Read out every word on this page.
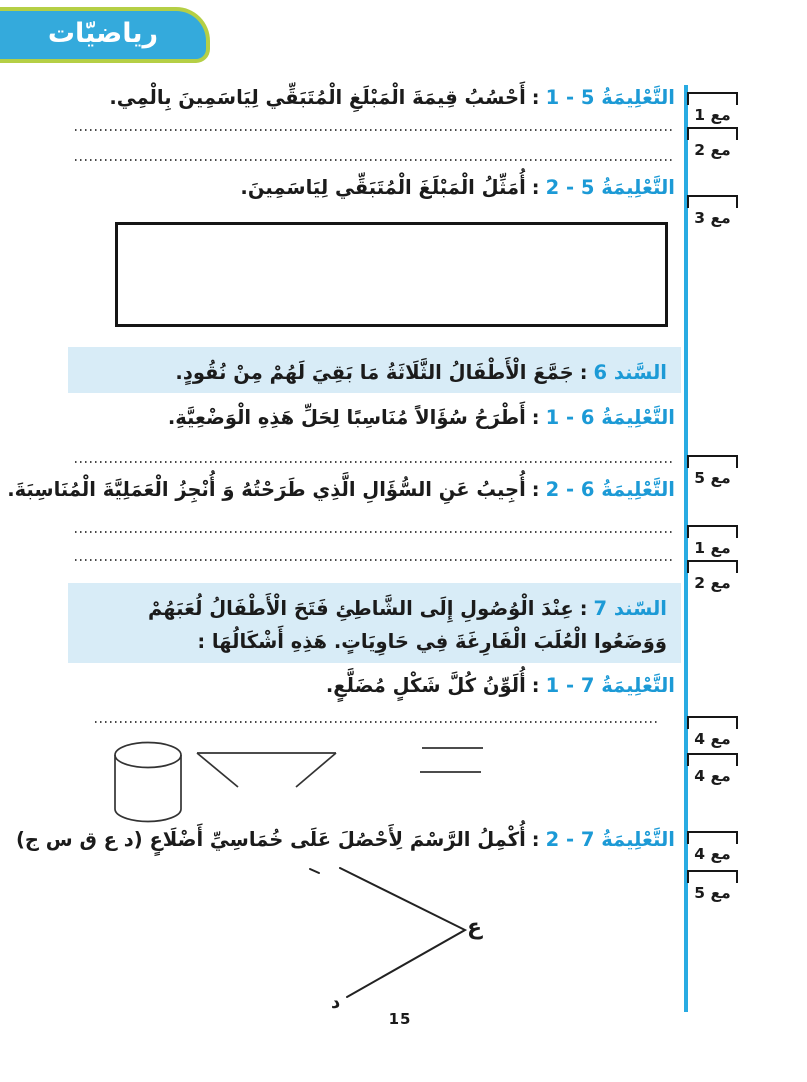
رياضيّات
التَّعْلِيمَةُ 5 - 1:أَحْسُبُ قِيمَةَ الْمَبْلَغِ الْمُتَبَقِّي لِيَاسَمِينَ بِالْمِي.
التَّعْلِيمَةُ 5 - 2:أُمَثِّلُ الْمَبْلَغَ الْمُتَبَقِّي لِيَاسَمِينَ.
السَّند 6:جَمَّعَ الْأَطْفَالُ الثَّلَاثَةُ مَا بَقِيَ لَهُمْ مِنْ نُقُودٍ.
التَّعْلِيمَةُ 6 - 1:أَطْرَحُ سُؤَالاً مُنَاسِبًا لِحَلِّ هَذِهِ الْوَضْعِيَّةِ.
التَّعْلِيمَةُ 6 - 2:أُجِيبُ عَنِ السُّؤَالِ الَّذِي طَرَحْتُهُ وَ أُنْجِزُ الْعَمَلِيَّةَ الْمُنَاسِبَةَ.
السّند 7:عِنْدَ الْوُصُولِ إِلَى الشَّاطِئِ فَتَحَ الْأَطْفَالُ لُعَبَهُمْ وَوَضَعُوا الْعُلَبَ الْفَارِغَةَ فِي حَاوِيَاتٍ. هَذِهِ أَشْكَالُهَا :
التَّعْلِيمَةُ 7 - 1:أُلَوِّنُ كُلَّ شَكْلٍ مُضَلَّعٍ.
التَّعْلِيمَةُ 7 - 2:أُكْمِلُ الرَّسْمَ لِأَحْصُلَ عَلَى خُمَاسِيِّ أَضْلَاعٍ (د ع ق س ج)
ع
د
مع 1
مع 2
مع 3
مع 5
مع 1
مع 2
مع 4
مع 4
مع 4
مع 5
15
